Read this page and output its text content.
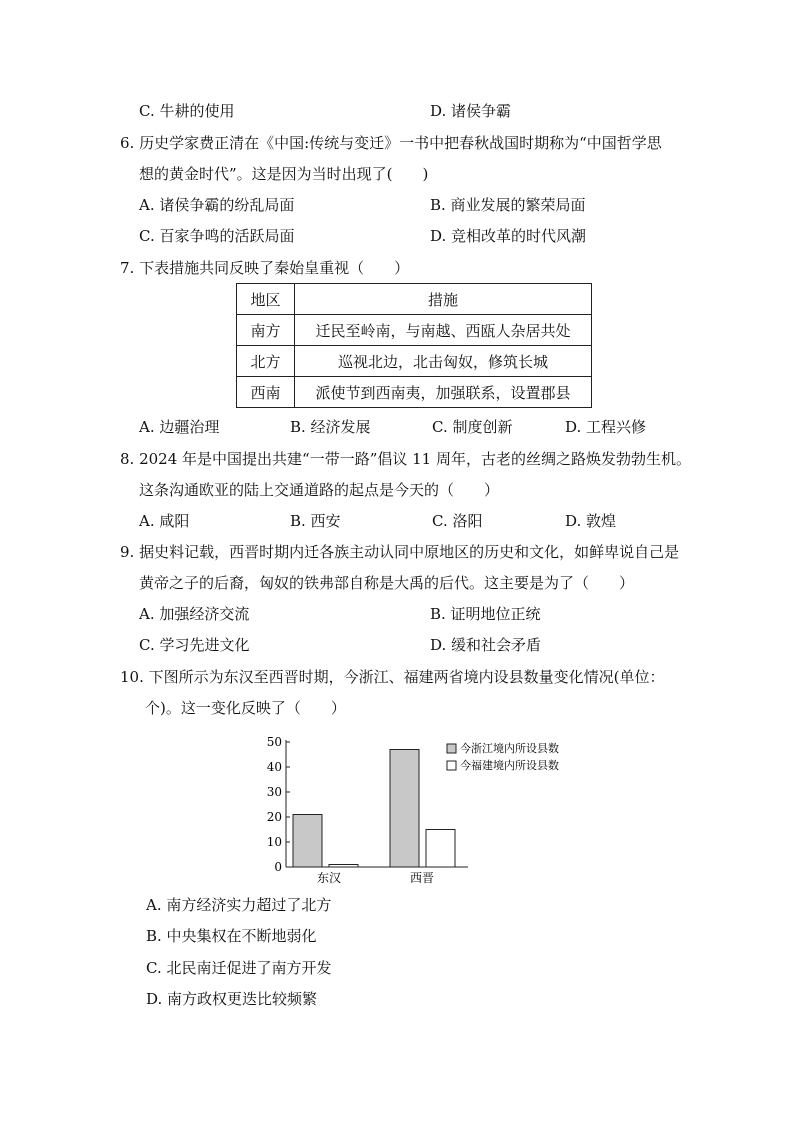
C. 牛耕的使用	D. 诸侯争霸
6. 历史学家费正清在《中国:传统与变迁》一书中把春秋战国时期称为“中国哲学思
想的黄金时代”。这是因为当时出现了(　　)
A. 诸侯争霸的纷乱局面	B. 商业发展的繁荣局面
C. 百家争鸣的活跃局面	D. 竞相改革的时代风潮
7. 下表措施共同反映了秦始皇重视（　　）
地区	措施
南方	迁民至岭南，与南越、西瓯人杂居共处
北方	巡视北边，北击匈奴，修筑长城
西南	派使节到西南夷，加强联系，设置郡县
A. 边疆治理	B. 经济发展	C. 制度创新	D. 工程兴修
8. 2024 年是中国提出共建“一带一路”倡议 11 周年，古老的丝绸之路焕发勃勃生机。
这条沟通欧亚的陆上交通道路的起点是今天的（　　）
A. 咸阳	B. 西安	C. 洛阳	D. 敦煌
9. 据史料记载，西晋时期内迁各族主动认同中原地区的历史和文化，如鲜卑说自己是
黄帝之子的后裔，匈奴的铁弗部自称是大禹的后代。这主要是为了（　　）
A. 加强经济交流	B. 证明地位正统
C. 学习先进文化	D. 缓和社会矛盾
10. 下图所示为东汉至西晋时期，今浙江、福建两省境内设县数量变化情况(单位：
个)。这一变化反映了（　　）
0
10
20
30
40
50
东汉	西晋
今浙江境内所设县数
今福建境内所设县数
A. 南方经济实力超过了北方
B. 中央集权在不断地弱化
C. 北民南迁促进了南方开发
D. 南方政权更迭比较频繁
